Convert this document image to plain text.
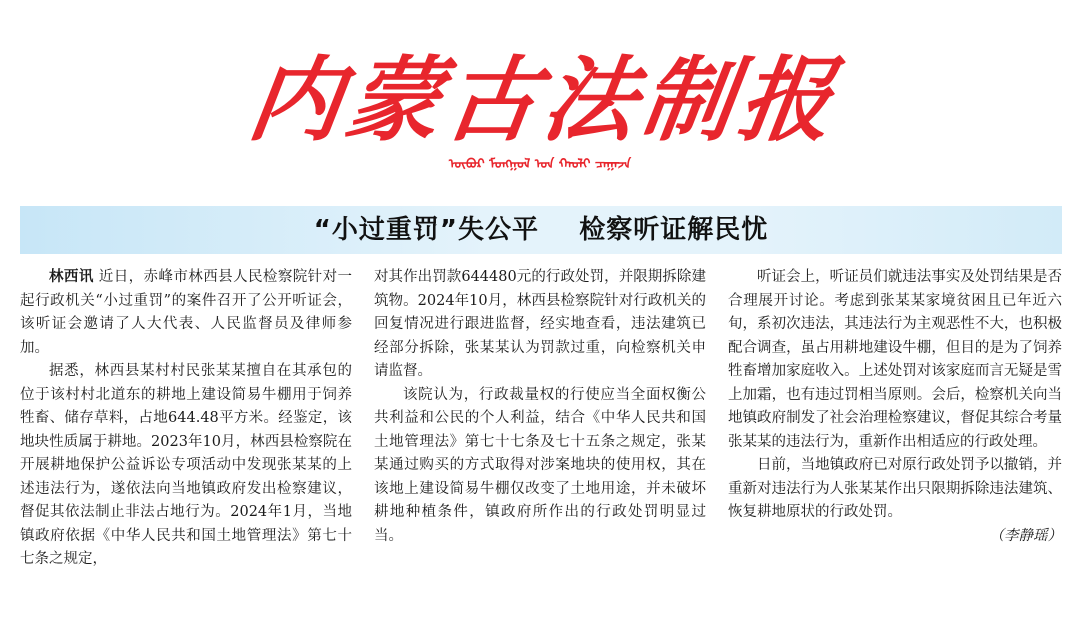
内蒙古法制报
ᠥᠪᠦᠷ ᠮᠣᠩᠭᠣᠯ ᠤᠨ ᠬᠠᠤᠯᠢ ᠴᠠᠭᠠᠵᠠ
“小过重罚”失公平 检察听证解民忧

林西讯 近日，赤峰市林西县人民检察院针对一起行政机关“小过重罚”的案件召开了公开听证会，该听证会邀请了人大代表、人民监督员及律师参加。

据悉，林西县某村村民张某某擅自在其承包的位于该村村北道东的耕地上建设简易牛棚用于饲养牲畜、储存草料，占地644.48平方米。经鉴定，该地块性质属于耕地。2023年10月，林西县检察院在开展耕地保护公益诉讼专项活动中发现张某某的上述违法行为，遂依法向当地镇政府发出检察建议，督促其依法制止非法占地行为。2024年1月，当地镇政府依据《中华人民共和国土地管理法》第七十七条之规定，

对其作出罚款644480元的行政处罚，并限期拆除建筑物。2024年10月，林西县检察院针对行政机关的回复情况进行跟进监督，经实地查看，违法建筑已经部分拆除，张某某认为罚款过重，向检察机关申请监督。

该院认为，行政裁量权的行使应当全面权衡公共利益和公民的个人利益，结合《中华人民共和国土地管理法》第七十七条及七十五条之规定，张某某通过购买的方式取得对涉案地块的使用权，其在该地上建设简易牛棚仅改变了土地用途，并未破坏耕地种植条件，镇政府所作出的行政处罚明显过当。

听证会上，听证员们就违法事实及处罚结果是否合理展开讨论。考虑到张某某家境贫困且已年近六旬，系初次违法，其违法行为主观恶性不大，也积极配合调查，虽占用耕地建设牛棚，但目的是为了饲养牲畜增加家庭收入。上述处罚对该家庭而言无疑是雪上加霜，也有违过罚相当原则。会后，检察机关向当地镇政府制发了社会治理检察建议，督促其综合考量张某某的违法行为，重新作出相适应的行政处理。

日前，当地镇政府已对原行政处罚予以撤销，并重新对违法行为人张某某作出只限期拆除违法建筑、恢复耕地原状的行政处罚。

（李静瑶）
